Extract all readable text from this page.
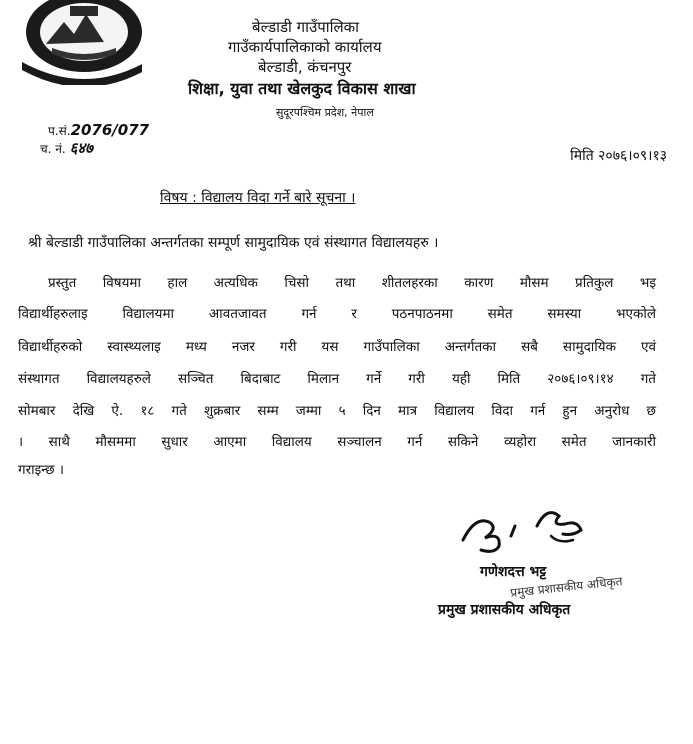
बेल्डाडी गाउँपालिका
गाउँकार्यपालिकाको कार्यालय
बेल्डाडी, कंचनपुर
शिक्षा, युवा तथा खेलकुद विकास शाखा
सुदूरपश्चिम प्रदेश, नेपाल
प.सं.2076/077
च. नं. ६४७	मिति २०७६।०९।१३
विषय : विद्यालय विदा गर्ने बारे सूचना ।
श्री बेल्डाडी गाउँपालिका अन्तर्गतका सम्पूर्ण सामुदायिक एवं संस्थागत विद्यालयहरु ।
प्रस्तुत विषयमा हाल अत्यधिक चिसो तथा शीतलहरका कारण मौसम प्रतिकुल भइ
विद्यार्थीहरुलाइ विद्यालयमा आवतजावत गर्न र पठनपाठनमा समेत समस्या भएकोले
विद्यार्थीहरुको स्वास्थ्यलाइ मध्य नजर गरी यस गाउँपालिका अन्तर्गतका सबै सामुदायिक एवं
संस्थागत विद्यालयहरुले सञ्चित बिदाबाट मिलान गर्ने गरी यही मिति २०७६।०९।१४ गते
सोमबार देखि ऐ. १८ गते शुक्रबार सम्म जम्मा ५ दिन मात्र विद्यालय विदा गर्न हुन अनुरोध छ
। साथै मौसममा सुधार आएमा विद्यालय सञ्चालन गर्न सकिने व्यहोरा समेत जानकारी
गराइन्छ ।
गणेशदत्त भट्ट
प्रमुख प्रशासकीय अधिकृत
प्रमुख प्रशासकीय अधिकृत
